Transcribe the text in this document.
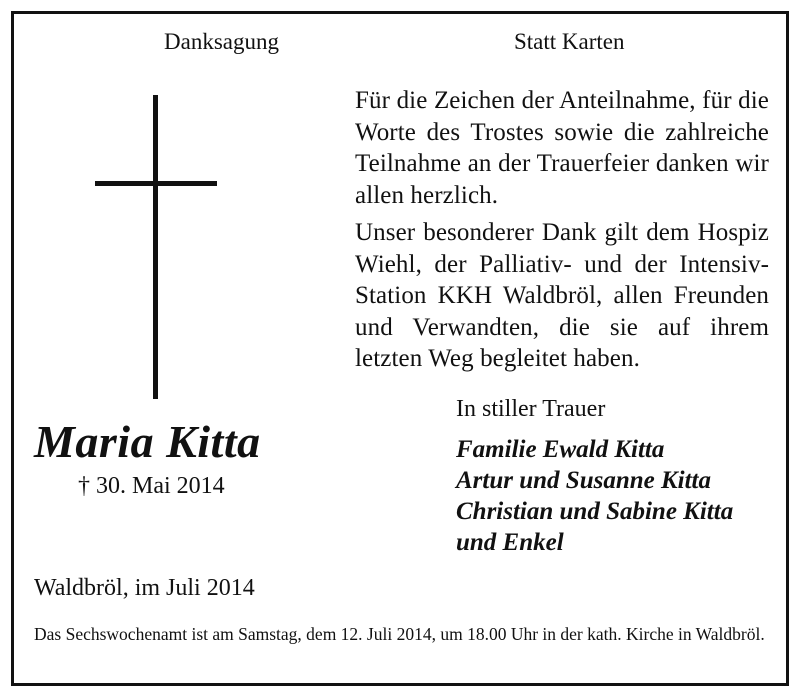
Danksagung	Statt Karten
Für die Zeichen der Anteilnahme, für die Worte des Trostes sowie die zahlreiche Teilnahme an der Trauerfeier danken wir allen herzlich.
Unser besonderer Dank gilt dem Hospiz Wiehl, der Palliativ- und der Intensiv-Station KKH Waldbröl, allen Freunden und Verwandten, die sie auf ihrem letzten Weg begleitet haben.
Maria Kitta
† 30. Mai 2014
In stiller Trauer
Familie Ewald Kitta
Artur und Susanne Kitta
Christian und Sabine Kitta
und Enkel
Waldbröl, im Juli 2014
Das Sechswochenamt ist am Samstag, dem 12. Juli 2014, um 18.00 Uhr in der kath. Kirche in Waldbröl.
